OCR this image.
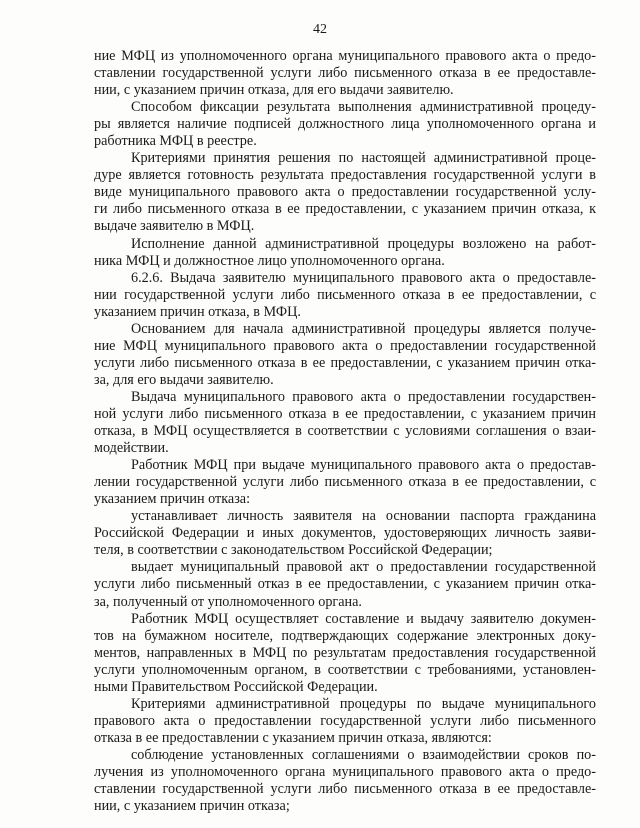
42
ние МФЦ из уполномоченного органа муниципального правового акта о предо-
ставлении государственной услуги либо письменного отказа в ее предоставле-
нии, с указанием причин отказа, для его выдачи заявителю.
Способом фиксации результата выполнения административной процеду-
ры является наличие подписей должностного лица уполномоченного органа и
работника МФЦ в реестре.
Критериями принятия решения по настоящей административной проце-
дуре является готовность результата предоставления государственной услуги в
виде муниципального правового акта о предоставлении государственной услу-
ги либо письменного отказа в ее предоставлении, с указанием причин отказа, к
выдаче заявителю в МФЦ.
Исполнение данной административной процедуры возложено на работ-
ника МФЦ и должностное лицо уполномоченного органа.
6.2.6. Выдача заявителю муниципального правового акта о предоставле-
нии государственной услуги либо письменного отказа в ее предоставлении, с
указанием причин отказа, в МФЦ.
Основанием для начала административной процедуры является получе-
ние МФЦ муниципального правового акта о предоставлении государственной
услуги либо письменного отказа в ее предоставлении, с указанием причин отка-
за, для его выдачи заявителю.
Выдача муниципального правового акта о предоставлении государствен-
ной услуги либо письменного отказа в ее предоставлении, с указанием причин
отказа, в МФЦ осуществляется в соответствии с условиями соглашения о взаи-
модействии.
Работник МФЦ при выдаче муниципального правового акта о предостав-
лении государственной услуги либо письменного отказа в ее предоставлении, с
указанием причин отказа:
устанавливает личность заявителя на основании паспорта гражданина
Российской Федерации и иных документов, удостоверяющих личность заяви-
теля, в соответствии с законодательством Российской Федерации;
выдает муниципальный правовой акт о предоставлении государственной
услуги либо письменный отказ в ее предоставлении, с указанием причин отка-
за, полученный от уполномоченного органа.
Работник МФЦ осуществляет составление и выдачу заявителю докумен-
тов на бумажном носителе, подтверждающих содержание электронных доку-
ментов, направленных в МФЦ по результатам предоставления государственной
услуги уполномоченным органом, в соответствии с требованиями, установлен-
ными Правительством Российской Федерации.
Критериями административной процедуры по выдаче муниципального
правового акта о предоставлении государственной услуги либо письменного
отказа в ее предоставлении с указанием причин отказа, являются:
соблюдение установленных соглашениями о взаимодействии сроков по-
лучения из уполномоченного органа муниципального правового акта о предо-
ставлении государственной услуги либо письменного отказа в ее предоставле-
нии, с указанием причин отказа;
